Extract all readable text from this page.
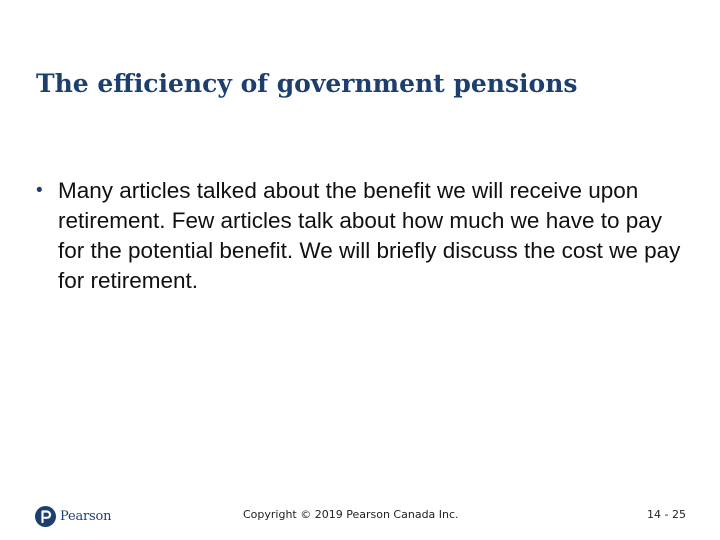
The efficiency of government pensions
• Many articles talked about the benefit we will receive upon retirement. Few articles talk about how much we have to pay for the potential benefit. We will briefly discuss the cost we pay for retirement.
Pearson	Copyright © 2019 Pearson Canada Inc.	14 - 25
